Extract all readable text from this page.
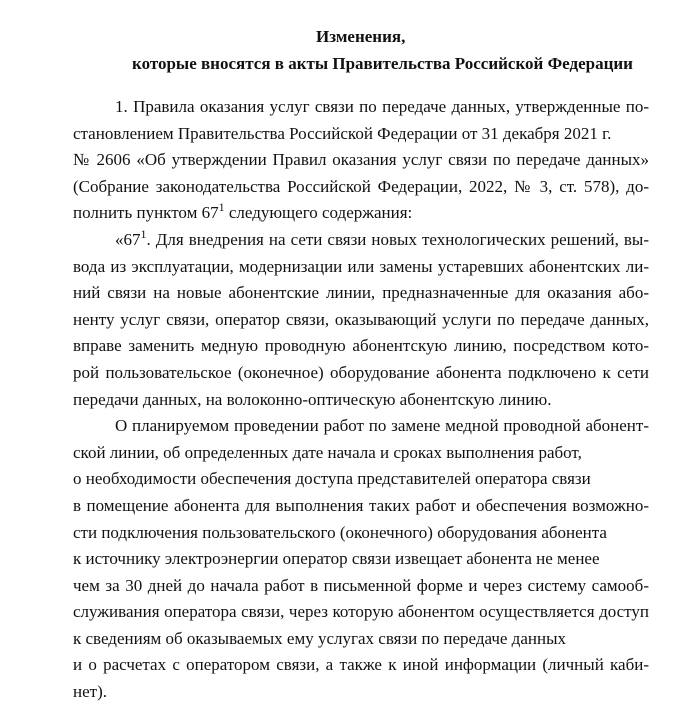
Изменения,
которые вносятся в акты Правительства Российской Федерации
1. Правила оказания услуг связи по передаче данных, утвержденные по-
становлением Правительства Российской Федерации от 31 декабря 2021 г.
№ 2606 «Об утверждении Правил оказания услуг связи по передаче данных»
(Собрание законодательства Российской Федерации, 2022, № 3, ст. 578), до-
полнить пунктом $67^1$ следующего содержания:
«$67^1$. Для внедрения на сети связи новых технологических решений, вы-
вода из эксплуатации, модернизации или замены устаревших абонентских ли-
ний связи на новые абонентские линии, предназначенные для оказания або-
ненту услуг связи, оператор связи, оказывающий услуги по передаче данных,
вправе заменить медную проводную абонентскую линию, посредством кото-
рой пользовательское (оконечное) оборудование абонента подключено к сети
передачи данных, на волоконно-оптическую абонентскую линию.
О планируемом проведении работ по замене медной проводной абонент-
ской линии, об определенных дате начала и сроках выполнения работ,
о необходимости обеспечения доступа представителей оператора связи
в помещение абонента для выполнения таких работ и обеспечения возможно-
сти подключения пользовательского (оконечного) оборудования абонента
к источнику электроэнергии оператор связи извещает абонента не менее
чем за 30 дней до начала работ в письменной форме и через систему самооб-
служивания оператора связи, через которую абонентом осуществляется доступ
к сведениям об оказываемых ему услугах связи по передаче данных
и о расчетах с оператором связи, а также к иной информации (личный каби-
нет).
